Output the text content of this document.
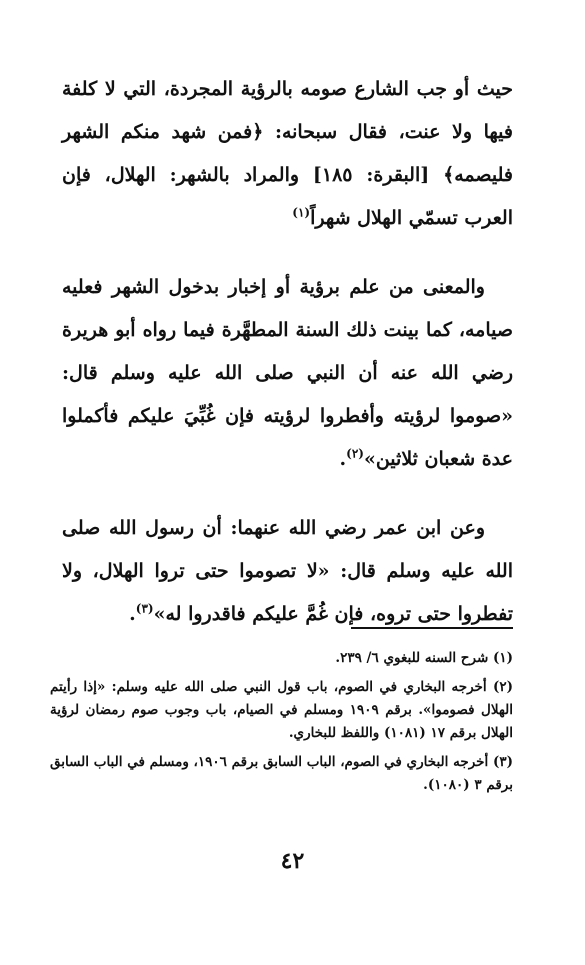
حيث أو جب الشارع صومه بالرؤية المجردة، التي لا كلفة فيها ولا عنت، فقال سبحانه: ﴿فمن شهد منكم الشهر فليصمه﴾ [البقرة: ١٨٥] والمراد بالشهر: الهلال، فإن العرب تسمّي الهلال شهراً$^{(١)}$

والمعنى من علم برؤية أو إخبار بدخول الشهر فعليه صيامه، كما بينت ذلك السنة المطهَّرة فيما رواه أبو هريرة رضي الله عنه أن النبي صلى الله عليه وسلم قال: «صوموا لرؤيته وأفطروا لرؤيته فإن غُبِّيَ عليكم فأكملوا عدة شعبان ثلاثين»$^{(٢)}$.

وعن ابن عمر رضي الله عنهما: أن رسول الله صلى الله عليه وسلم قال: «لا تصوموا حتى تروا الهلال، ولا تفطروا حتى تروه، فإن غُمَّ عليكم فاقدروا له»$^{(٣)}$.

(١) شرح السنه للبغوي ٦/ ٢٣٩.

(٢) أخرجه البخاري في الصوم، باب قول النبي صلى الله عليه وسلم: «إذا رأيتم الهلال فصوموا». برقم ١٩٠٩ ومسلم في الصيام، باب وجوب صوم رمضان لرؤية الهلال برقم ١٧ (١٠٨١) واللفظ للبخاري.

(٣) أخرجه البخاري في الصوم، الباب السابق برقم ١٩٠٦، ومسلم في الباب السابق برقم ٣ (١٠٨٠).

٤٢
